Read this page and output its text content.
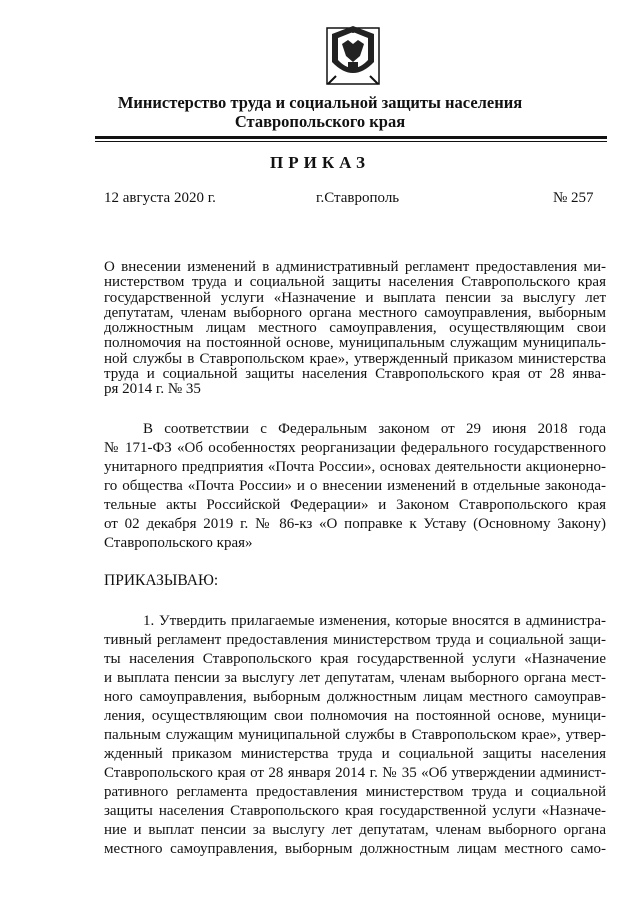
Министерство труда и социальной защиты населения
Ставропольского края
ПРИКАЗ
12 августа 2020 г.	г.Ставрополь	№ 257
О внесении изменений в административный регламент предоставления ми-
нистерством труда и социальной защиты населения Ставропольского края
государственной услуги «Назначение и выплата пенсии за выслугу лет
депутатам, членам выборного органа местного самоуправления, выборным
должностным лицам местного самоуправления, осуществляющим свои
полномочия на постоянной основе, муниципальным служащим муниципаль-
ной службы в Ставропольском крае», утвержденный приказом министерства
труда и социальной защиты населения Ставропольского края от 28 янва-
ря 2014 г. № 35
В соответствии с Федеральным законом от 29 июня 2018 года
№ 171-ФЗ «Об особенностях реорганизации федерального государственного
унитарного предприятия «Почта России», основах деятельности акционерно-
го общества «Почта России» и о внесении изменений в отдельные законода-
тельные акты Российской Федерации» и Законом Ставропольского края
от 02 декабря 2019 г. № 86-кз «О поправке к Уставу (Основному Закону)
Ставропольского края»
ПРИКАЗЫВАЮ:
1. Утвердить прилагаемые изменения, которые вносятся в администра-
тивный регламент предоставления министерством труда и социальной защи-
ты населения Ставропольского края государственной услуги «Назначение
и выплата пенсии за выслугу лет депутатам, членам выборного органа мест-
ного самоуправления, выборным должностным лицам местного самоуправ-
ления, осуществляющим свои полномочия на постоянной основе, муници-
пальным служащим муниципальной службы в Ставропольском крае», утвер-
жденный приказом министерства труда и социальной защиты населения
Ставропольского края от 28 января 2014 г. № 35 «Об утверждении админист-
ративного регламента предоставления министерством труда и социальной
защиты населения Ставропольского края государственной услуги «Назначе-
ние и выплат пенсии за выслугу лет депутатам, членам выборного органа
местного самоуправления, выборным должностным лицам местного само-
